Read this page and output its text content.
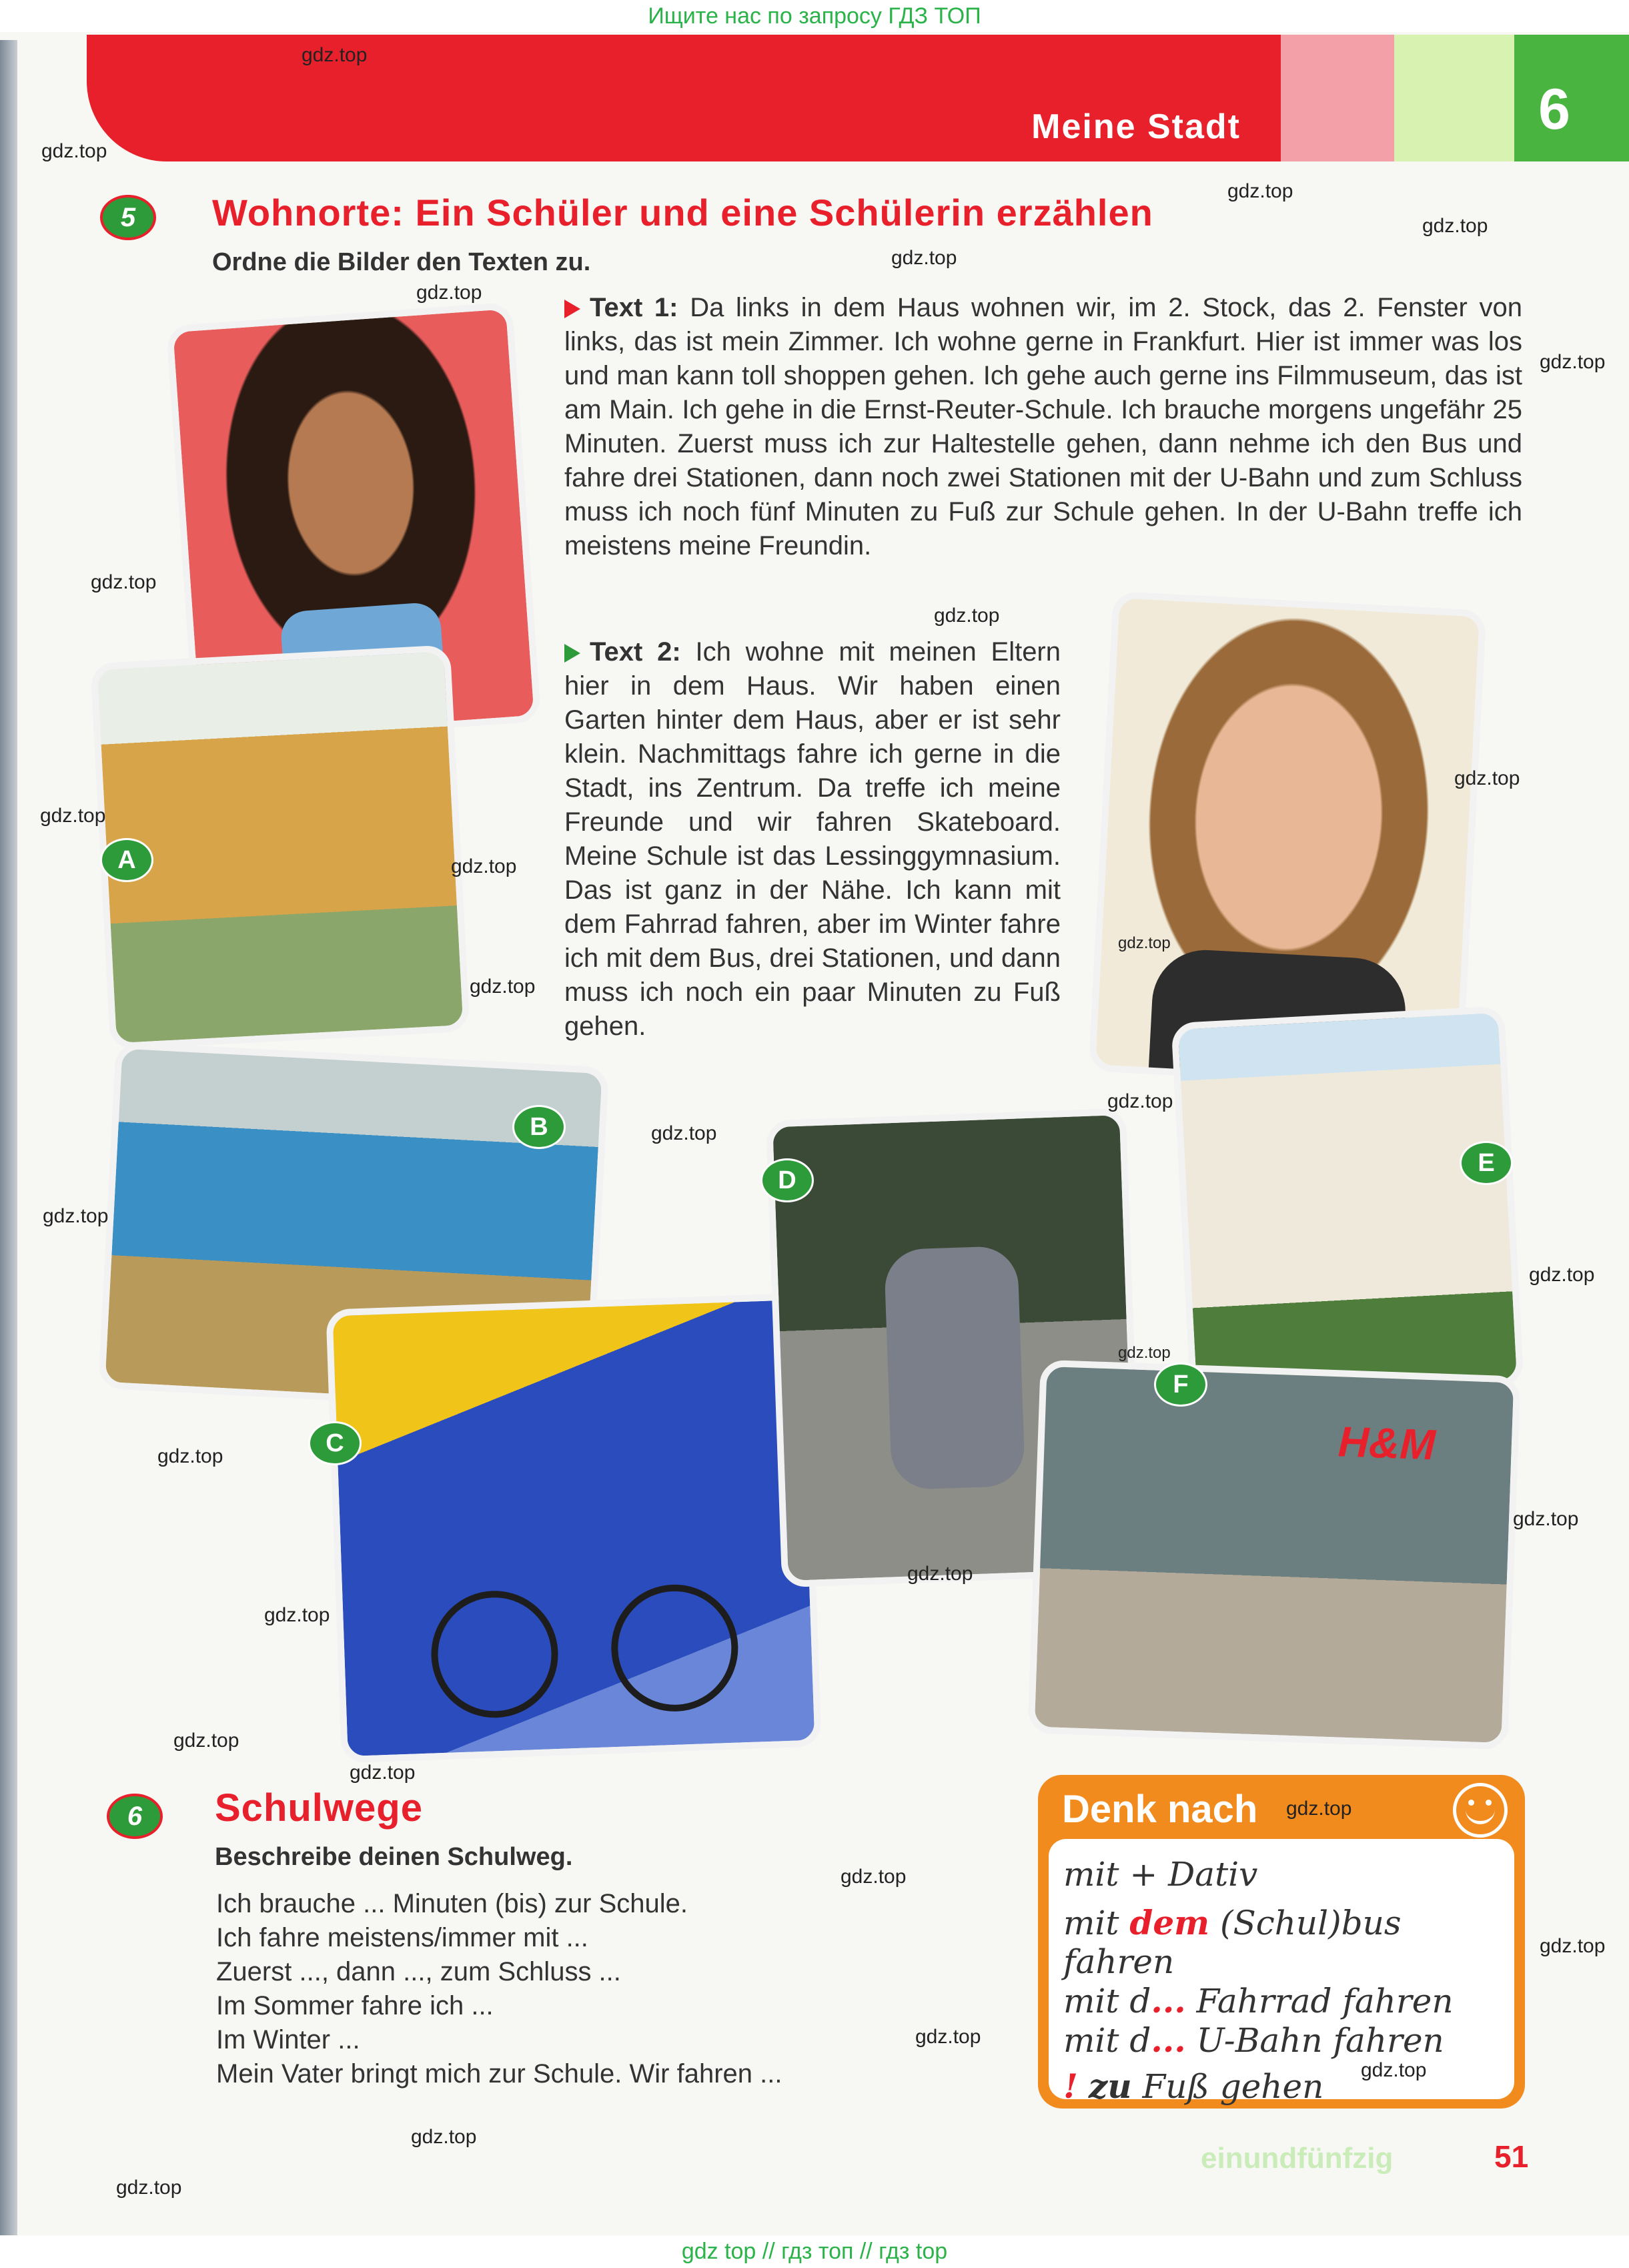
Ищите нас по запросу ГДЗ ТОП
Meine Stadt	6
5	Wohnorte: Ein Schüler und eine Schülerin erzählen
Ordne die Bilder den Texten zu.
Text 1: Da links in dem Haus wohnen wir, im 2. Stock, das 2. Fenster von links, das ist mein Zimmer. Ich wohne gerne in Frankfurt. Hier ist immer was los und man kann toll shoppen gehen. Ich gehe auch gerne ins Filmmuseum, das ist am Main. Ich gehe in die Ernst-Reuter-Schule. Ich brauche morgens ungefähr 25 Minuten. Zuerst muss ich zur Haltestelle gehen, dann nehme ich den Bus und fahre drei Stationen, dann noch zwei Stationen mit der U-Bahn und zum Schluss muss ich noch fünf Minuten zu Fuß zur Schule gehen. In der U-Bahn treffe ich meistens meine Freundin.
Text 2: Ich wohne mit meinen Eltern hier in dem Haus. Wir haben einen Garten hinter dem Haus, aber er ist sehr klein. Nachmittags fahre ich gerne in die Stadt, ins Zentrum. Da treffe ich meine Freunde und wir fahren Skateboard. Meine Schule ist das Lessinggymnasium. Das ist ganz in der Nähe. Ich kann mit dem Fahrrad fahren, aber im Winter fahre ich mit dem Bus, drei Stationen, und dann muss ich noch ein paar Minuten zu Fuß gehen.
A
B
C
D
E
H&M
F
6	Schulwege
Beschreibe deinen Schulweg.
Ich brauche ... Minuten (bis) zur Schule.
Ich fahre meistens/immer mit ...
Zuerst ..., dann ..., zum Schluss ...
Im Sommer fahre ich ...
Im Winter ...
Mein Vater bringt mich zur Schule. Wir fahren ...
Denk nach
mit + Dativ
mit dem (Schul)bus fahren
mit d... Fahrrad fahren
mit d... U-Bahn fahren
! zu Fuß gehen
einundfünfzig	51
gdz.top
gdz.top
gdz.top
gdz.top
gdz.top
gdz.top
gdz.top
gdz.top
gdz.top
gdz.top
gdz.top
gdz.top
gdz.top
gdz.top
gdz.top
gdz.top
gdz.top
gdz.top
gdz.top
gdz.top
gdz.top
gdz.top
gdz.top
gdz.top
gdz.top
gdz.top
gdz.top
gdz.top
gdz.top
gdz.top
gdz.top
gdz.top
gdz top // гдз топ // гдз top
